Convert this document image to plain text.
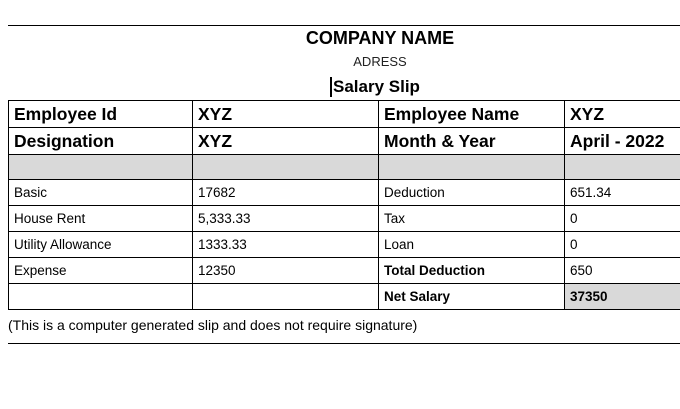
COMPANY NAME
ADRESS
Salary Slip
Employee Id	XYZ	Employee Name	XYZ
Designation	XYZ	Month & Year	April - 2022

Basic	17682	Deduction	651.34
House Rent	5,333.33	Tax	0
Utility Allowance	1333.33	Loan	0
Expense	12350	Total Deduction	650
		Net Salary	37350
(This is a computer generated slip and does not require signature)
